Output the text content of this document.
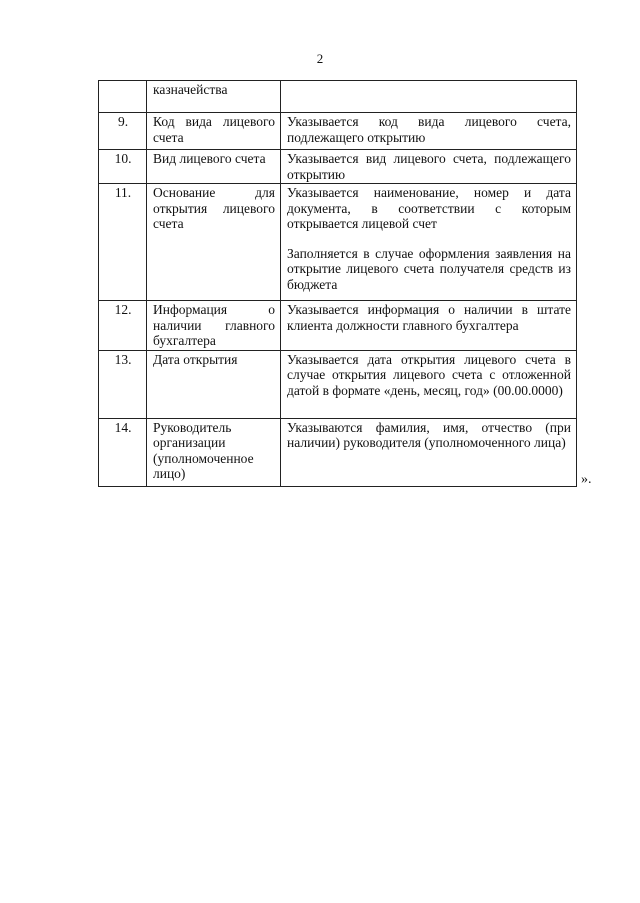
2
	казначейства	

9.	Код вида лицевого счета	Указывается код вида лицевого счета, подлежащего открытию

10.	Вид лицевого счета	Указывается вид лицевого счета, подлежащего открытию

11.	Основание для открытия лицевого счета	Указывается наименование, номер и дата документа, в соответствии с которым открывается лицевой счет
Заполняется в случае оформления заявления на открытие лицевого счета получателя средств из бюджета

12.	Информация о наличии главного бухгалтера	Указывается информация о наличии в штате клиента должности главного бухгалтера

13.	Дата открытия	Указывается дата открытия лицевого счета в случае открытия лицевого счета с отложенной датой в формате «день, месяц, год» (00.00.0000)

14.	Руководитель организации (уполномоченное лицо)	Указываются фамилия, имя, отчество (при наличии) руководителя (уполномоченного лица)
».
